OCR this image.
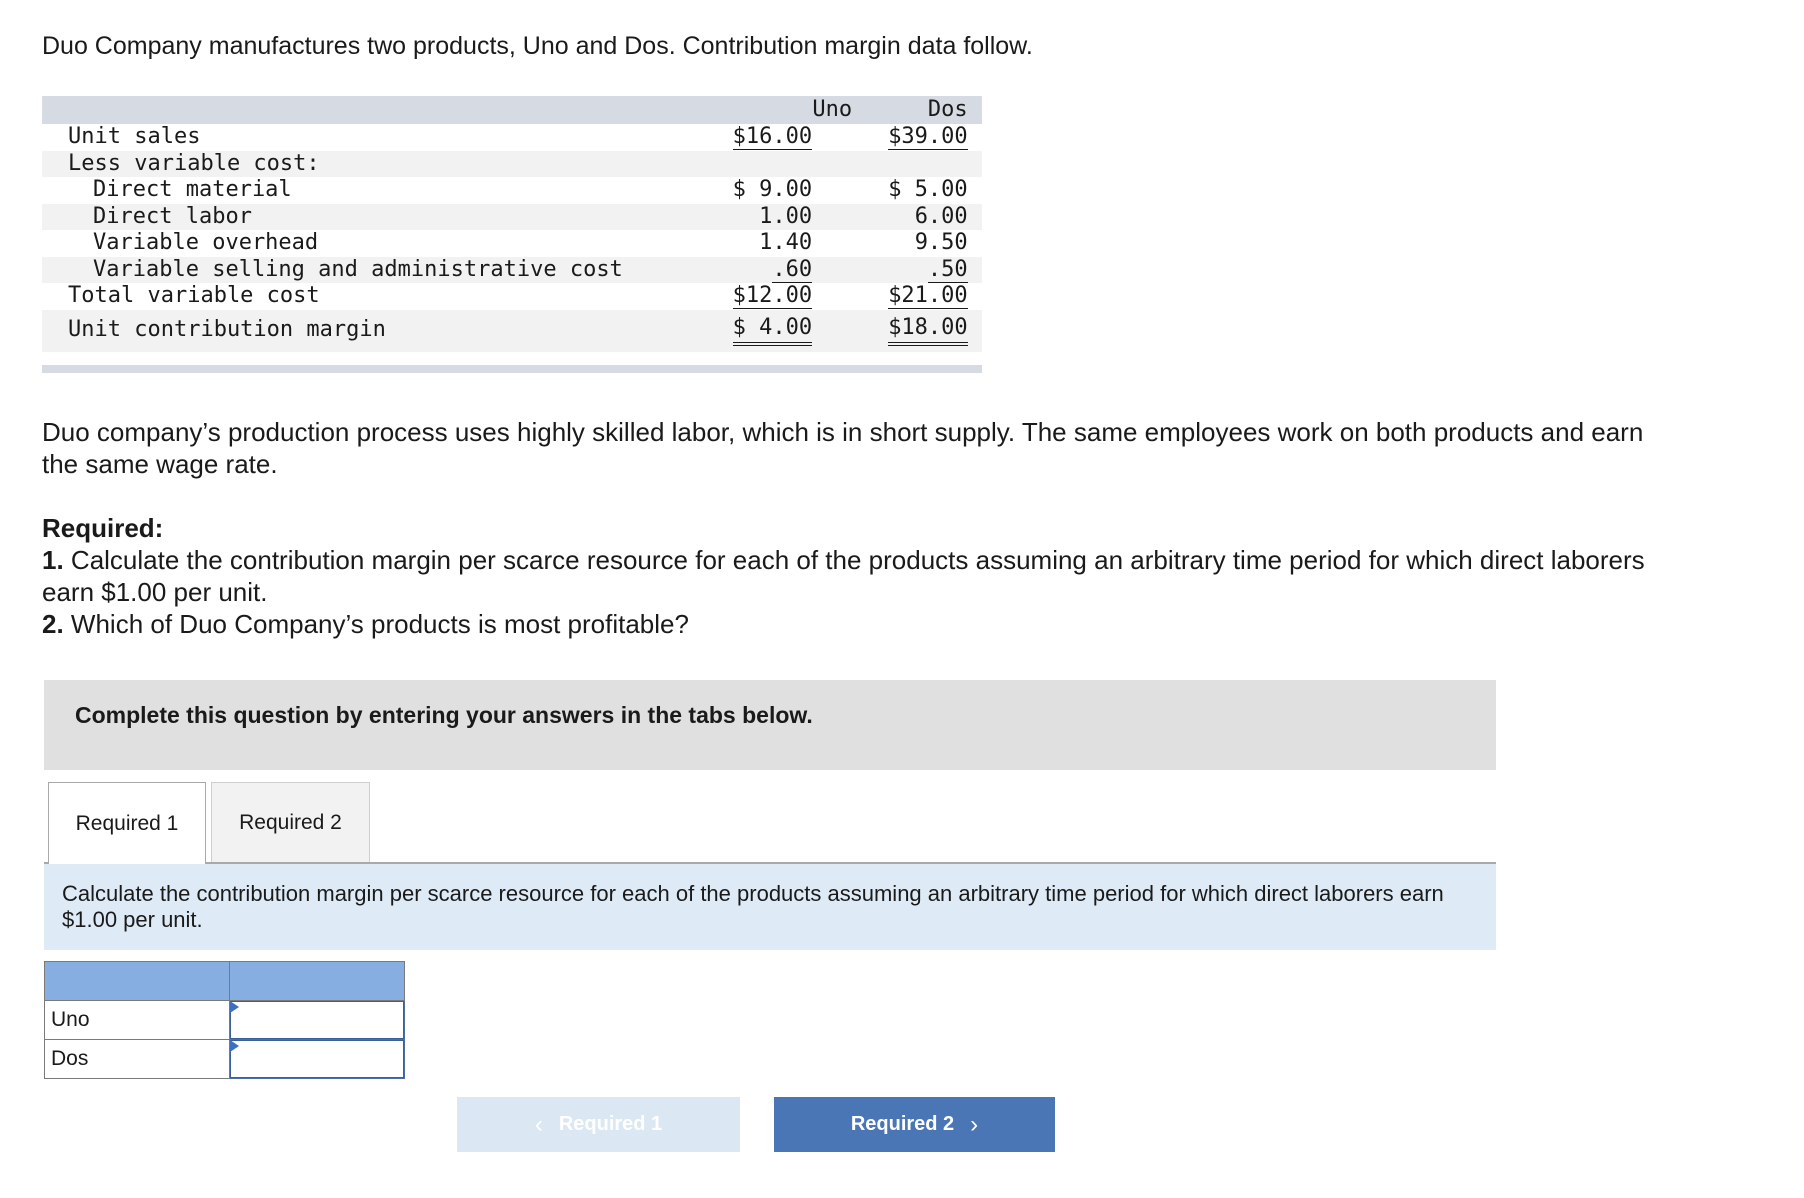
Duo Company manufactures two products, Uno and Dos. Contribution margin data follow.

	Uno		Dos	
Unit sales	$16.00		$39.00	
Less variable cost:				
Direct material	$ 9.00		$ 5.00	
Direct labor	1.00		6.00	
Variable overhead	1.40		9.50	
Variable selling and administrative cost	.60		.50	
Total variable cost	$12.00		$21.00	
Unit contribution margin	$ 4.00		$18.00	

Duo company’s production process uses highly skilled labor, which is in short supply. The same employees work on both products and earn the same wage rate.

Required:
1. Calculate the contribution margin per scarce resource for each of the products assuming an arbitrary time period for which direct laborers earn $1.00 per unit.
2. Which of Duo Company’s products is most profitable?
Complete this question by entering your answers in the tabs below.
Required 1	Required 2
Calculate the contribution margin per scarce resource for each of the products assuming an arbitrary time period for which direct laborers earn $1.00 per unit.

Uno	

Dos	
‹ Required 1	Required 2 ›
